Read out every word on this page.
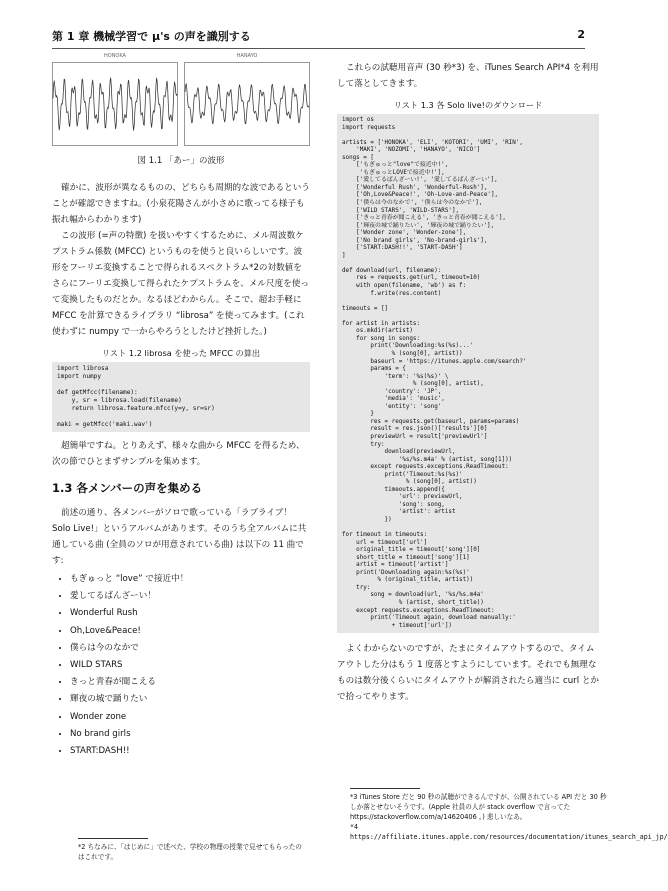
第 1 章 機械学習で μ's の声を識別する	2
HONOKA	HANAYO
図 1.1 「あー」の波形

確かに、波形が異なるものの、どちらも周期的な波であるということが確認できますね。(小泉花陽さんが小さめに歌ってる様子も振れ幅からわかります)

この波形 (=声の特徴) を扱いやすくするために、メル周波数ケプストラム係数 (MFCC) というものを使うと良いらしいです。波形をフーリエ変換することで得られるスペクトラム*2の対数値をさらにフーリエ変換して得られたケプストラムを、メル尺度を使って変換したものだとか。なるほどわからん。そこで、超お手軽に MFCC を計算できるライブラリ “librosa” を使ってみます。(これ使わずに numpy で一からやろうとしたけど挫折した。)

リスト 1.2 librosa を使った MFCC の算出
import librosa
import numpy

def getMfcc(filename):
y, sr = librosa.load(filename)
return librosa.feature.mfcc(y=y, sr=sr)

maki = getMfcc('maki.wav')

超簡単ですね。とりあえず、様々な曲から MFCC を得るため、次の節でひとまずサンプルを集めます。

1.3 各メンバーの声を集める

前述の通り、各メンバーがソロで歌っている「ラブライブ！ Solo Live!」というアルバムがあります。そのうち全アルバムに共通している曲 (全員のソロが用意されている曲) は以下の 11 曲です:

• もぎゅっと “love” で接近中！
• 愛してるばんざーい！
• Wonderful Rush
• Oh,Love&Peace!
• 僕らは今のなかで
• WILD STARS
• きっと青春が聞こえる
• 輝夜の城で踊りたい
• Wonder zone
• No brand girls
• START:DASH!!
*2 ちなみに、「はじめに」で述べた、学校の物理の授業で見せてもらったのはこれです。

これらの試聴用音声 (30 秒*3) を、iTunes Search API*4 を利用して落としてきます。

リスト 1.3 各 Solo live!のダウンロード
import os
import requests

artists = ['HONOKA', 'ELI', 'KOTORI', 'UMI', 'RIN',
'MAKI', 'NOZOMI', 'HANAYO', 'NICO']
songs = [
['もぎゅっと"love"で接近中!',
'もぎゅっとLOVEで接近中!'],
['愛してるばんざーい!', '愛してるばんざーい'],
['Wonderful Rush', 'Wonderful-Rush'],
['Oh,Love&Peace!', 'Oh-Love-and-Peace'],
['僕らは今のなかで', '僕らは今のなかで'],
['WILD STARS', 'WILD-STARS'],
['きっと青春が聞こえる', 'きっと青春が聞こえる'],
['輝夜の城で踊りたい', '輝夜の城で踊りたい'],
['Wonder zone', 'Wonder-zone'],
['No brand girls', 'No-brand-girls'],
['START:DASH!!', 'START-DASH']
]

def download(url, filename):
res = requests.get(url, timeout=10)
with open(filename, 'wb') as f:
f.write(res.content)

timeouts = []

for artist in artists:
os.mkdir(artist)
for song in songs:
print('Downloading:%s(%s)...'
% (song[0], artist))
baseurl = 'https://itunes.apple.com/search?'
params = {
'term': '%s(%s)' \
% (song[0], artist),
'country': 'JP',
'media': 'music',
'entity': 'song'
}
res = requests.get(baseurl, params=params)
result = res.json()['results'][0]
previewUrl = result['previewUrl']
try:
download(previewUrl,
'%s/%s.m4a' % (artist, song[1]))
except requests.exceptions.ReadTimeout:
print('Timeout:%s(%s)'
% (song[0], artist))
timeouts.append({
'url': previewUrl,
'song': song,
'artist': artist
})

for timeout in timeouts:
url = timeout['url']
original_title = timeout['song'][0]
short_title = timeout['song'][1]
artist = timeout['artist']
print('Downloading again:%s(%s)'
% (original_title, artist))
try:
song = download(url, '%s/%s.m4a'
% (artist, short_title))
except requests.exceptions.ReadTimeout:
print('Timeout again, download manually:'
+ timeout['url'])

よくわからないのですが、たまにタイムアウトするので、タイムアウトした分はもう 1 度落とすようにしています。それでも無理なものは数分後くらいにタイムアウトが解消されたら適当に curl とかで拾ってやります。

*3 iTunes Store だと 90 秒の試聴ができるんですが、公開されている API だと 30 秒しか落とせないそうです。(Apple 社員の人が stack overflow で言ってた https://stackoverflow.com/a/14620406 。) 悲しいなあ。
*4 https://affiliate.itunes.apple.com/resources/documentation/itunes_search_api_jp/
